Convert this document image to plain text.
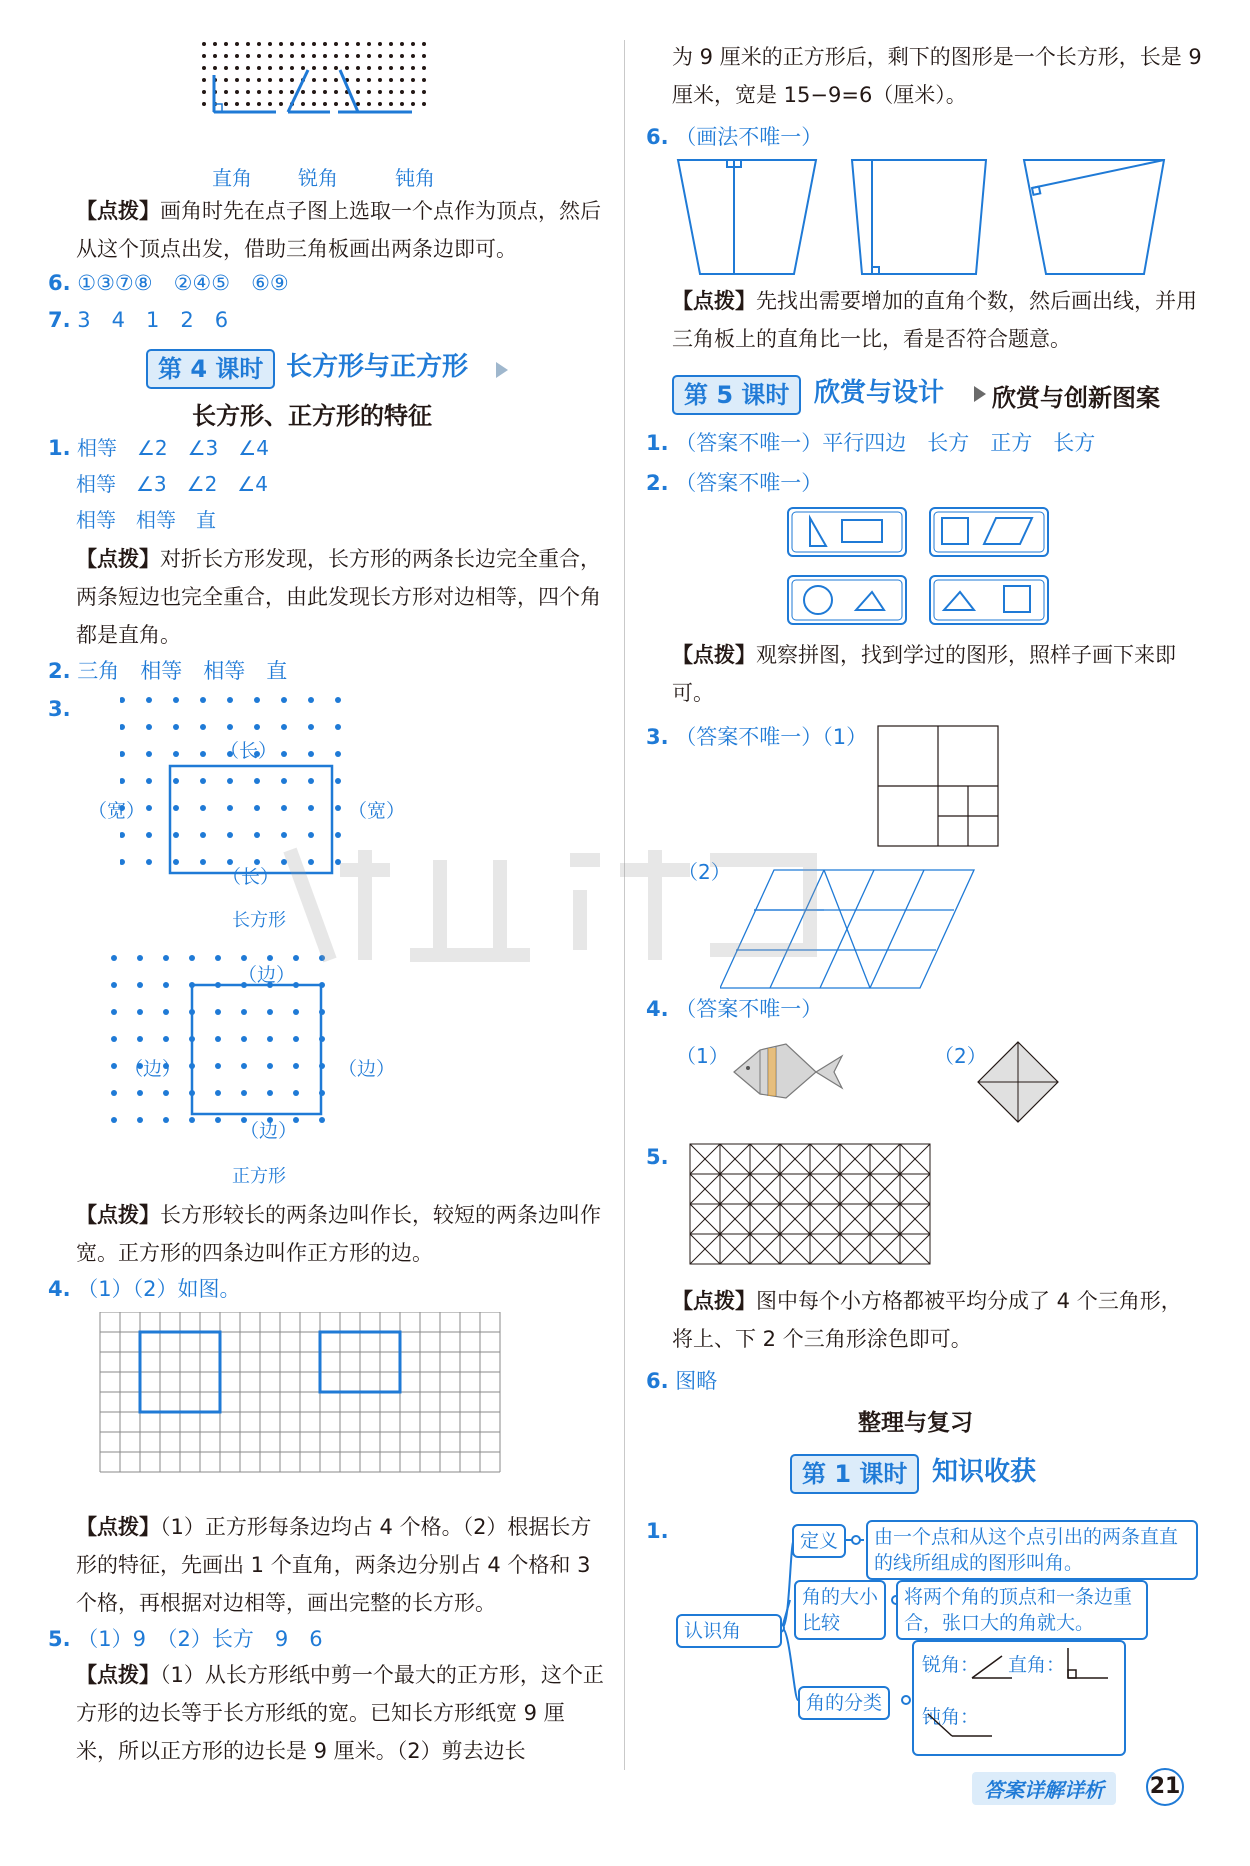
直角 锐角	钝角
【点拨】画角时先在点子图上选取一个点作为顶点，然后从这个顶点出发，借助三角板画出两条边即可。
6. ①③⑦⑧　②④⑤　⑥⑨
7. 3　4　1　2　6
第 4 课时 长方形与正方形
长方形、正方形的特征
1. 相等　∠2　∠3　∠4
相等　∠3　∠2　∠4
相等　相等　直
【点拨】对折长方形发现，长方形的两条长边完全重合，两条短边也完全重合，由此发现长方形对边相等，四个角都是直角。
2. 三角　相等　相等　直
3.
（长）
（宽）	（宽）
（长）
长方形
（边）
（边）	（边）
（边）
正方形
【点拨】长方形较长的两条边叫作长，较短的两条边叫作宽。正方形的四条边叫作正方形的边。
4. （1）（2）如图。
【点拨】（1）正方形每条边均占 4 个格。（2）根据长方形的特征，先画出 1 个直角，两条边分别占 4 个格和 3 个格，再根据对边相等，画出完整的长方形。
5. （1）9　（2）长方　9　6
【点拨】（1）从长方形纸中剪一个最大的正方形，这个正方形的边长等于长方形纸的宽。已知长方形纸宽 9 厘米，所以正方形的边长是 9 厘米。（2）剪去边长
为 9 厘米的正方形后，剩下的图形是一个长方形，长是 9 厘米，宽是 15−9=6（厘米）。
6. （画法不唯一）
【点拨】先找出需要增加的直角个数，然后画出线，并用三角板上的直角比一比，看是否符合题意。
第 5 课时 欣赏与设计 欣赏与创新图案
1. （答案不唯一）平行四边　长方　正方　长方
2. （答案不唯一）
【点拨】观察拼图，找到学过的图形，照样子画下来即可。
3. （答案不唯一）（1）
（2）
4. （答案不唯一）
（1）	（2）
5.
【点拨】图中每个小方格都被平均分成了 4 个三角形，将上、下 2 个三角形涂色即可。
6. 图略
整理与复习
第 1 课时 知识收获
1.
认识角
定义	由一个点和从这个点引出的两条直直的线所组成的图形叫角。
角的大小比较
将两个角的顶点和一条边重合，张口大的角就大。
角的分类
锐角： 直角：
钝角：
答案详解详析	21
